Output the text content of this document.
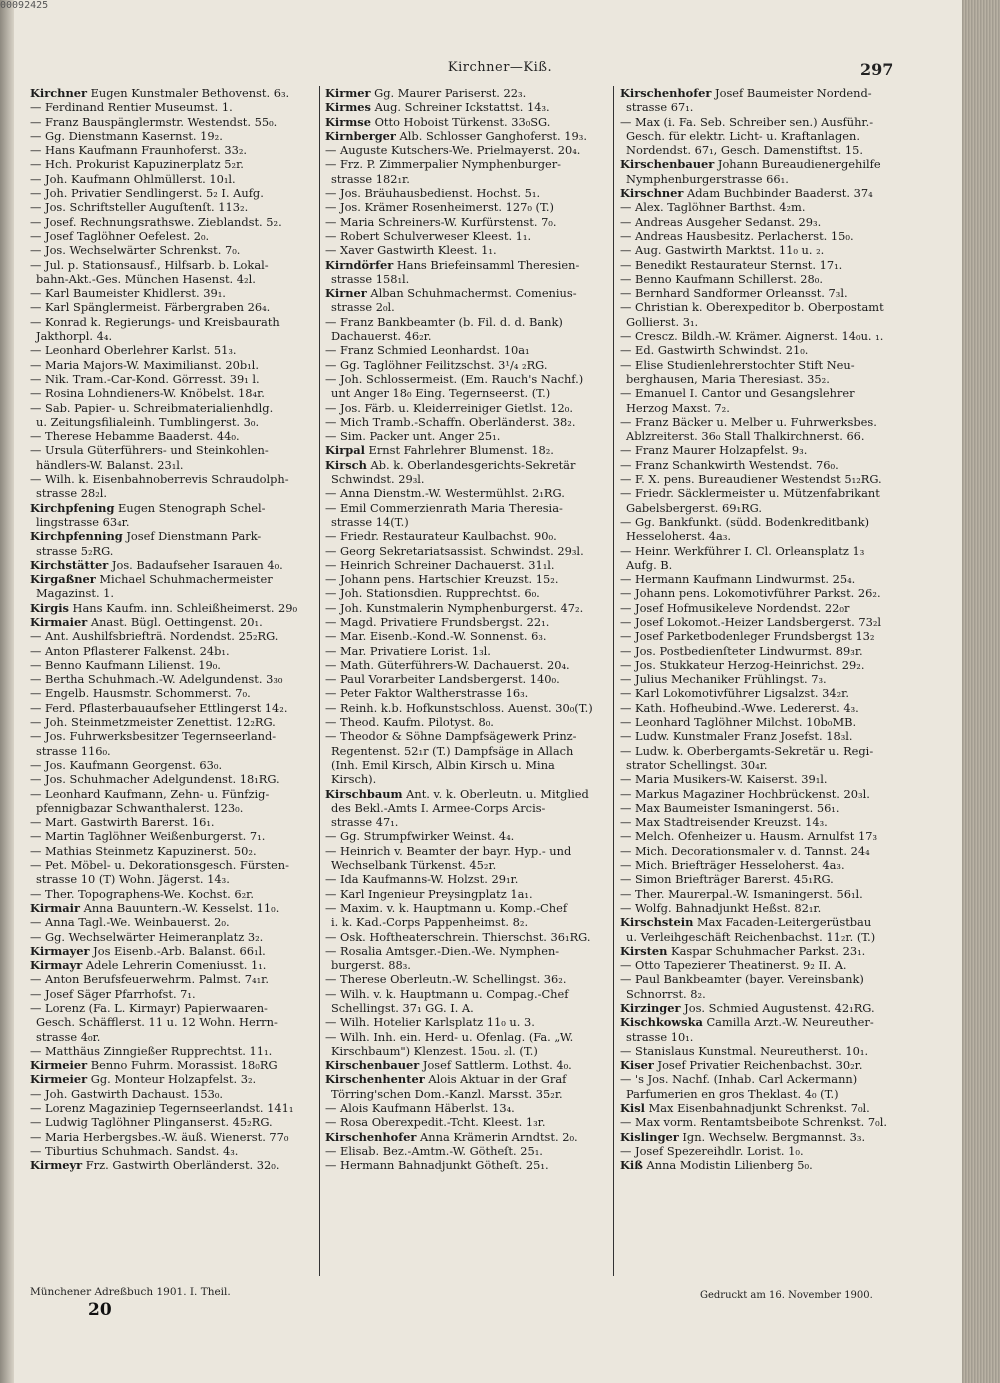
00092425
Kirchner—Kiß.	297

Kirchner Eugen Kunstmaler Bethovenst. 6₃.

— Ferdinand Rentier Museumst. 1.

— Franz Bauspänglermstr. Westendst. 55₀.

— Gg. Dienstmann Kasernst. 19₂.

— Hans Kaufmann Fraunhoferst. 33₂.

— Hch. Prokurist Kapuzinerplatz 5₂r.

— Joh. Kaufmann Ohlmüllerst. 10₁l.

— Joh. Privatier Sendlingerst. 5₂ I. Aufg.

— Jos. Schriftsteller Auguſtenſt. 113₂.

— Josef. Rechnungsrathswe. Zieblandst. 5₂.

— Josef Taglöhner Oefelest. 2₀.

— Jos. Wechselwärter Schrenkst. 7₀.

— Jul. p. Stationsausf., Hilfsarb. b. Lokal-

bahn-Akt.-Ges. München Hasenst. 4₂l.

— Karl Baumeister Khidlerst. 39₁.

— Karl Spänglermeist. Färbergraben 26₄.

— Konrad k. Regierungs- und Kreisbaurath

Jakthorpl. 4₄.

— Leonhard Oberlehrer Karlst. 51₃.

— Maria Majors-W. Maximilianst. 20b₁l.

— Nik. Tram.-Car-Kond. Görresst. 39₁ l.

— Rosina Lohndieners-W. Knöbelst. 18₄r.

— Sab. Papier- u. Schreibmaterialienhdlg.

u. Zeitungsfilialeinh. Tumblingerst. 3₀.

— Therese Hebamme Baaderst. 44₀.

— Ursula Güterführers- und Steinkohlen-

händlers-W. Balanst. 23₁l.

— Wilh. k. Eisenbahnoberrevis Schraudolph-

strasse 28₂l.

Kirchpfening Eugen Stenograph Schel-

lingstrasse 63₄r.

Kirchpfenning Josef Dienstmann Park-

strasse 5₂RG.

Kirchstätter Jos. Badaufseher Isarauen 4₀.

Kirgaßner Michael Schuhmachermeister

Magazinst. 1.

Kirgis Hans Kaufm. inn. Schleißheimerst. 29₀

Kirmaier Anast. Bügl. Oettingenst. 20₁.

— Ant. Aushilfsbriefträ. Nordendst. 25₂RG.

— Anton Pflasterer Falkenst. 24b₁.

— Benno Kaufmann Lilienst. 19₀.

— Bertha Schuhmach.-W. Adelgundenst. 3₃₀

— Engelb. Hausmstr. Schommerst. 7₀.

— Ferd. Pflasterbauaufseher Ettlingerst 14₂.

— Joh. Steinmetzmeister Zenettist. 12₂RG.

— Jos. Fuhrwerksbesitzer Tegernseerland-

strasse 116₀.

— Jos. Kaufmann Georgenst. 63₀.

— Jos. Schuhmacher Adelgundenst. 18₁RG.

— Leonhard Kaufmann, Zehn- u. Fünfzig-

pfennigbazar Schwanthalerst. 123₀.

— Mart. Gastwirth Barerst. 16₁.

— Martin Taglöhner Weißenburgerst. 7₁.

— Mathias Steinmetz Kapuzinerst. 50₂.

— Pet. Möbel- u. Dekorationsgesch. Fürsten-

strasse 10 (T) Wohn. Jägerst. 14₃.

— Ther. Topographens-We. Kochst. 6₂r.

Kirmair Anna Bauuntern.-W. Kesselst. 11₀.

— Anna Tagl.-We. Weinbauerst. 2₀.

— Gg. Wechselwärter Heimeranplatz 3₂.

Kirmayer Jos Eisenb.-Arb. Balanst. 66₁l.

Kirmayr Adele Lehrerin Comeniusst. 1₁.

— Anton Berufsfeuerwehrm. Palmst. 7₄₁r.

— Josef Säger Pfarrhofst. 7₁.

— Lorenz (Fa. L. Kirmayr) Papierwaaren-

Gesch. Schäfflerst. 11 u. 12 Wohn. Herrn-

strasse 4₀r.

— Matthäus Zinngießer Rupprechtst. 11₁.

Kirmeier Benno Fuhrm. Morassist. 18₀RG

Kirmeier Gg. Monteur Holzapfelst. 3₂.

— Joh. Gastwirth Dachaust. 153₀.

— Lorenz Magaziniер Tegernseerlandst. 141₁

— Ludwig Taglöhner Plinganserst. 45₂RG.

— Maria Herbergsbes.-W. äuß. Wienerst. 77₀

— Tiburtius Schuhmach. Sandst. 4₃.

Kirmeyr Frz. Gastwirth Oberländerst. 32₀.

Kirmer Gg. Maurer Pariserst. 22₃.

Kirmes Aug. Schreiner Ickstattst. 14₃.

Kirmse Otto Hoboist Türkenst. 33₀SG.

Kirnberger Alb. Schlosser Ganghoferst. 19₃.

— Auguste Kutschers-We. Prielmayerst. 20₄.

— Frz. P. Zimmerpalier Nymphenburger-

strasse 182₁r.

— Jos. Bräuhausbedienst. Hochst. 5₁.

— Jos. Krämer Rosenheimerst. 127₀ (T.)

— Maria Schreiners-W. Kurfürstenst. 7₀.

— Robert Schulverweser Kleest. 1₁.

— Xaver Gastwirth Kleest. 1₁.

Kirndörfer Hans Briefeinsamml Theresien-

strasse 158₁l.

Kirner Alban Schuhmachermst. Comenius-

strasse 2₀l.

— Franz Bankbeamter (b. Fil. d. d. Bank)

Dachauerst. 46₂r.

— Franz Schmied Leonhardst. 10a₁

— Gg. Taglöhner Feilitzschst. 3¹/₄ ₂RG.

— Joh. Schlossermeist. (Em. Rauch's Nachf.)

unt Anger 18₀ Eing. Tegernseerst. (T.)

— Jos. Färb. u. Kleiderreiniger Gietlst. 12₀.

— Mich Tramb.-Schaffn. Oberländerst. 38₂.

— Sim. Packer unt. Anger 25₁.

Kirpal Ernst Fahrlehrer Blumenst. 18₂.

Kirsch Ab. k. Oberlandesgerichts-Sekretär

Schwindst. 29₃l.

— Anna Dienstm.-W. Westermühlst. 2₁RG.

— Emil Commerzienrath Maria Theresia-

strasse 14(T.)

— Friedr. Restaurateur Kaulbachst. 90₀.

— Georg Sekretariatsassist. Schwindst. 29₃l.

— Heinrich Schreiner Dachauerst. 31₁l.

— Johann pens. Hartschier Kreuzst. 15₂.

— Joh. Stationsdien. Rupprechtst. 6₀.

— Joh. Kunstmalerin Nymphenburgerst. 47₂.

— Magd. Privatiere Frundsbergst. 22₁.

— Mar. Eisenb.-Kond.-W. Sonnenst. 6₃.

— Mar. Privatiere Lorist. 1₃l.

— Math. Güterführers-W. Dachauerst. 20₄.

— Paul Vorarbeiter Landsbergerst. 140₀.

— Peter Faktor Waltherstrasse 16₃.

— Reinh. k.b. Hofkunstschloss. Auenst. 30₀(T.)

— Theod. Kaufm. Pilotyst. 8₀.

— Theodor & Söhne Dampfsägewerk Prinz-

Regentenst. 52₁r (T.) Dampfsäge in Allach

(Inh. Emil Kirsch, Albin Kirsch u. Mina

Kirsch).

Kirschbaum Ant. v. k. Oberleutn. u. Mitglied

des Bekl.-Amts I. Armee-Corps Arcis-

strasse 47₁.

— Gg. Strumpfwirker Weinst. 4₄.

— Heinrich v. Beamter der bayr. Hyp.- und

Wechselbank Türkenst. 45₂r.

— Ida Kaufmanns-W. Holzst. 29₁r.

— Karl Ingenieur Preysingplatz 1a₁.

— Maxim. v. k. Hauptmann u. Komp.-Chef

i. k. Kad.-Corps Pappenheimst. 8₂.

— Osk. Hoftheaterschrein. Thierschst. 36₁RG.

— Rosalia Amtsger.-Dien.-We. Nymphen-

burgerst. 88₃.

— Therese Oberleutn.-W. Schellingst. 36₂.

— Wilh. v. k. Hauptmann u. Compag.-Chef

Schellingst. 37₁ GG. I. A.

— Wilh. Hotelier Karlsplatz 11₀ u. 3.

— Wilh. Inh. ein. Herd- u. Ofenlag. (Fa. „W.

Kirschbaum") Klenzest. 15₀u. ₂l. (T.)

Kirschenbauer Josef Sattlerm. Lothst. 4₀.

Kirschenhenter Alois Aktuar in der Graf

Törring'schen Dom.-Kanzl. Marsst. 35₂r.

— Alois Kaufmann Häberlst. 13₄.

— Rosa Oberexpedit.-Tcht. Kleest. 1₃r.

Kirschenhofer Anna Krämerin Arndtst. 2₀.

— Elisab. Bez.-Amtm.-W. Götheſt. 25₁.

— Hermann Bahnadjunkt Götheſt. 25₁.

Kirschenhofer Josef Baumeister Nordend-

strasse 67₁.

— Max (i. Fa. Seb. Schreiber sen.) Ausführ.-

Gesch. für elektr. Licht- u. Kraftanlagen.

Nordendst. 67₁, Gesch. Damenstiftst. 15.

Kirschenbauer Johann Bureaudienergehilfe

Nymphenburgerstrasse 66₁.

Kirschner Adam Buchbinder Baaderst. 37₄

— Alex. Taglöhner Barthst. 4₂m.

— Andreas Ausgeher Sedanst. 29₃.

— Andreas Hausbesitz. Perlacherst. 15₀.

— Aug. Gastwirth Marktst. 11₀ u. ₂.

— Benedikt Restaurateur Sternst. 17₁.

— Benno Kaufmann Schillerst. 28₀.

— Bernhard Sandformer Orleansst. 7₃l.

— Christian k. Oberexpeditor b. Oberpostamt

Gollierst. 3₁.

— Crescz. Bildh.-W. Krämer. Aignerst. 14₀u. ₁.

— Ed. Gastwirth Schwindst. 21₀.

— Elise Studienlehrerstochter Stift Neu-

berghausen, Maria Theresiast. 35₂.

— Emanuel I. Cantor und Gesangslehrer

Herzog Maxst. 7₂.

— Franz Bäcker u. Melber u. Fuhrwerksbes.

Ablzreiterst. 36₀ Stall Thalkirchnerst. 66.

— Franz Maurer Holzapfelst. 9₃.

— Franz Schankwirth Westendst. 76₀.

— F. X. pens. Bureaudiener Westendst 5₁₂RG.

— Friedr. Säcklermeister u. Mützenfabrikant

Gabelsbergerst. 69₁RG.

— Gg. Bankfunkt. (südd. Bodenkreditbank)

Hesseloherst. 4a₃.

— Heinr. Werkführer I. Cl. Orleansplatz 1₃

Aufg. B.

— Hermann Kaufmann Lindwurmst. 25₄.

— Johann pens. Lokomotivführer Parkst. 26₂.

— Josef Hofmusikeleve Nordendst. 22₀r

— Josef Lokomot.-Heizer Landsbergerst. 73₂l

— Josef Parketbodenleger Frundsbergst 13₂

— Jos. Postbedienſteter Lindwurmst. 89₃r.

— Jos. Stukkateur Herzog-Heinrichst. 29₂.

— Julius Mechaniker Frühlingst. 7₃.

— Karl Lokomotivführer Ligsalzst. 34₂r.

— Kath. Hofheubind.-Wwe. Ledererst. 4₃.

— Leonhard Taglöhner Milchst. 10b₀MB.

— Ludw. Kunstmaler Franz Josefst. 18₃l.

— Ludw. k. Oberbergamts-Sekretär u. Regi-

strator Schellingst. 30₄r.

— Maria Musikers-W. Kaiserst. 39₁l.

— Markus Magaziner Hochbrückenst. 20₃l.

— Max Baumeister Ismaningerst. 56₁.

— Max Stadtreisender Kreuzst. 14₃.

— Melch. Ofenheizer u. Hausm. Arnulfst 17₃

— Mich. Decorationsmaler v. d. Tannst. 24₄

— Mich. Briefträger Hesseloherst. 4a₃.

— Simon Briefträger Barerst. 45₁RG.

— Ther. Maurerpal.-W. Ismaningerst. 56₁l.

— Wolfg. Bahnadjunkt Heßst. 82₁r.

Kirschstein Max Facaden-Leitergerüstbau

u. Verleihgeschäft Reichenbachst. 11₂r. (T.)

Kirsten Kaspar Schuhmacher Parkst. 23₁.

— Otto Tapezierer Theatinerst. 9₂ II. A.

— Paul Bankbeamter (bayer. Vereinsbank)

Schnorrst. 8₂.

Kirzinger Jos. Schmied Augustenst. 42₁RG.

Kischkowska Camilla Arzt.-W. Neureuther-

strasse 10₁.

— Stanislaus Kunstmal. Neureutherst. 10₁.

Kiser Josef Privatier Reichenbachst. 30₂r.

— 's Jos. Nachf. (Inhab. Carl Ackermann)

Parfumerien en gros Theklast. 4₀ (T.)

Kisl Max Eisenbahnadjunkt Schrenkst. 7₀l.

— Max vorm. Rentamtsbeibote Schrenkst. 7₀l.

Kislinger Ign. Wechselw. Bergmannst. 3₃.

— Josef Spezereihdlr. Lorist. 1₀.

Kiß Anna Modistin Lilienberg 5₀.

Münchener Adreßbuch 1901. I. Theil.
20
Gedruckt am 16. November 1900.
